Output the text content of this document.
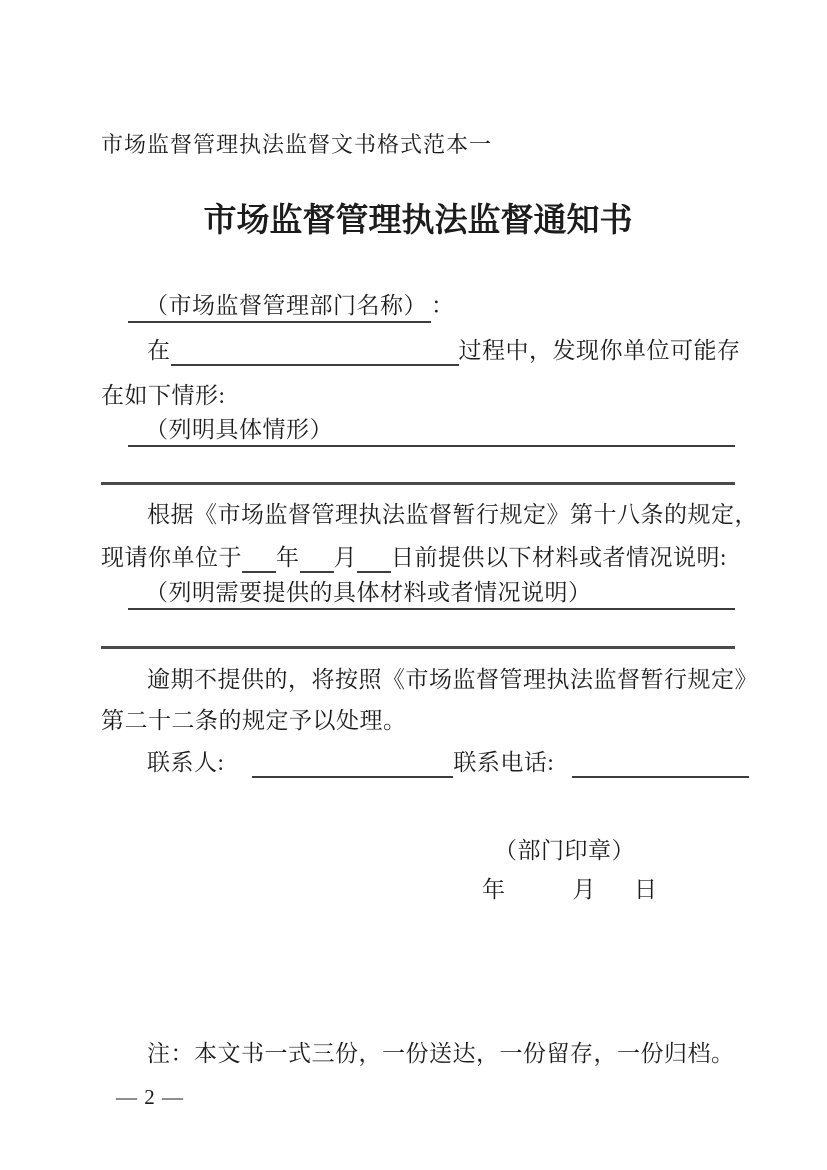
市场监督管理执法监督文书格式范本一
市场监督管理执法监督通知书
（市场监督管理部门名称） ：
在	过程中，发现你单位可能存
在如下情形:
（列明具体情形）
根据《市场监督管理执法监督暂行规定》第十八条的规定，
现请你单位于 年 月 日前提供以下材料或者情况说明:
（列明需要提供的具体材料或者情况说明）
逾期不提供的，将按照《市场监督管理执法监督暂行规定》
第二十二条的规定予以处理。
联系人:	联系电话:
（部门印章）
年	月 日
注：本文书一式三份，一份送达，一份留存，一份归档。
— 2 —
